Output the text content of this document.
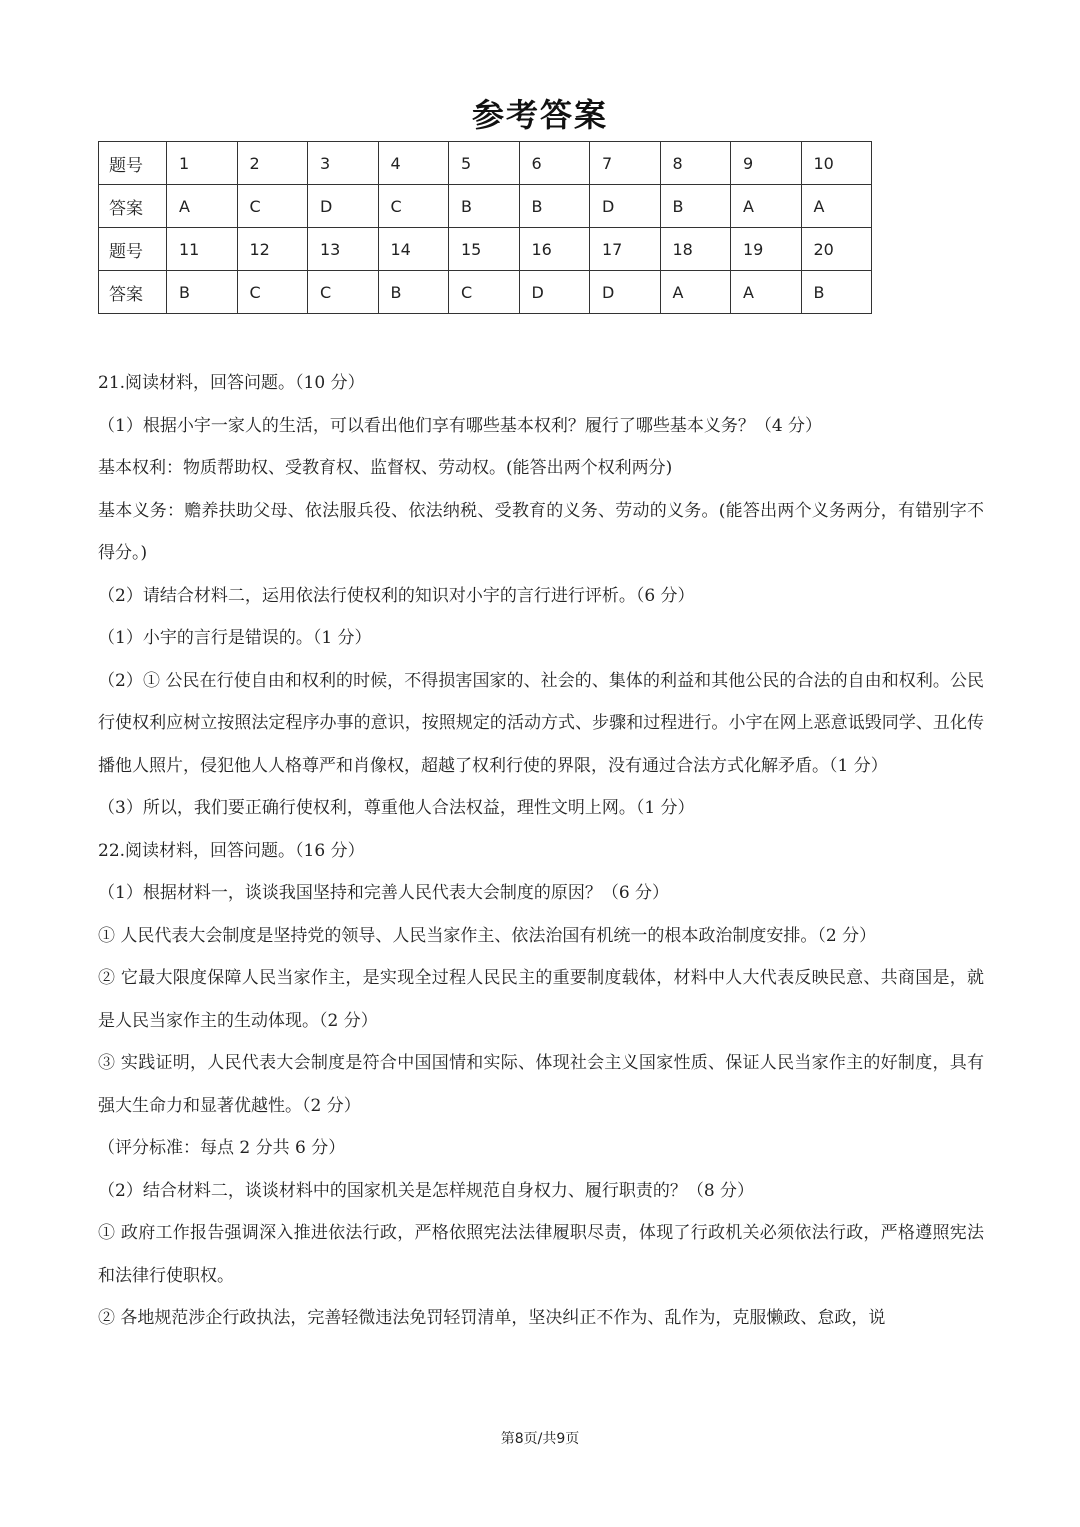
参考答案
题号	1	2	3	4	5	6	7	8	9	10
答案	A	C	D	C	B	B	D	B	A	A
题号	11	12	13	14	15	16	17	18	19	20
答案	B	C	C	B	C	D	D	A	A	B

21.阅读材料，回答问题。（10 分）

（1）根据小宇一家人的生活，可以看出他们享有哪些基本权利？履行了哪些基本义务？（4 分）

基本权利：物质帮助权、受教育权、监督权、劳动权。(能答出两个权利两分)

基本义务：赡养扶助父母、依法服兵役、依法纳税、受教育的义务、劳动的义务。(能答出两个义务两分，有错别字不得分。)

（2）请结合材料二，运用依法行使权利的知识对小宇的言行进行评析。（6 分）

（1）小宇的言行是错误的。（1 分）

（2）① 公民在行使自由和权利的时候，不得损害国家的、社会的、集体的利益和其他公民的合法的自由和权利。公民行使权利应树立按照法定程序办事的意识，按照规定的活动方式、步骤和过程进行。小宇在网上恶意诋毁同学、丑化传播他人照片，侵犯他人人格尊严和肖像权，超越了权利行使的界限，没有通过合法方式化解矛盾。（1 分）

（3）所以，我们要正确行使权利，尊重他人合法权益，理性文明上网。（1 分）

22.阅读材料，回答问题。（16 分）

（1）根据材料一，谈谈我国坚持和完善人民代表大会制度的原因？（6 分）

① 人民代表大会制度是坚持党的领导、人民当家作主、依法治国有机统一的根本政治制度安排。（2 分）

② 它最大限度保障人民当家作主，是实现全过程人民民主的重要制度载体，材料中人大代表反映民意、共商国是，就是人民当家作主的生动体现。（2 分）

③ 实践证明，人民代表大会制度是符合中国国情和实际、体现社会主义国家性质、保证人民当家作主的好制度，具有强大生命力和显著优越性。（2 分）

（评分标准：每点 2 分共 6 分）

（2）结合材料二，谈谈材料中的国家机关是怎样规范自身权力、履行职责的？（8 分）

① 政府工作报告强调深入推进依法行政，严格依照宪法法律履职尽责，体现了行政机关必须依法行政，严格遵照宪法和法律行使职权。

② 各地规范涉企行政执法，完善轻微违法免罚轻罚清单，坚决纠正不作为、乱作为，克服懒政、怠政，说

第8页/共9页
